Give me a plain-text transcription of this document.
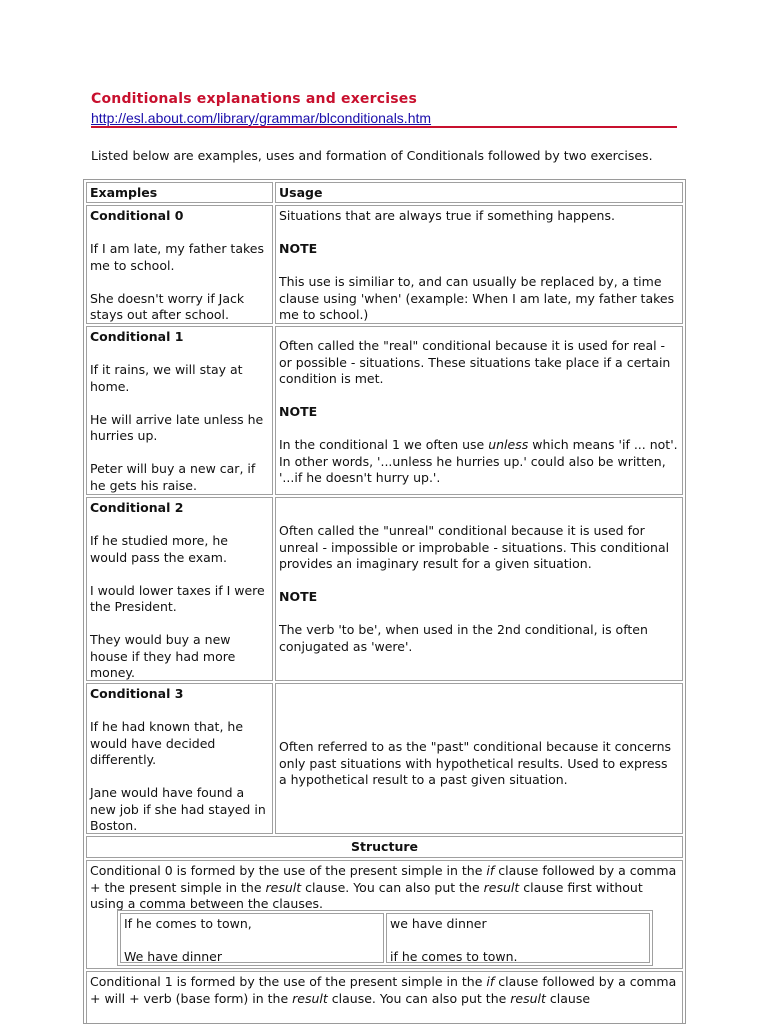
Conditionals explanations and exercises
http://esl.about.com/library/grammar/blconditionals.htm
Listed below are examples, uses and formation of Conditionals followed by two exercises.
Examples	Usage

Conditional 0

If I am late, my father takes me to school.

She doesn't worry if Jack stays out after school.

Situations that are always true if something happens.

NOTE

This use is similiar to, and can usually be replaced by, a time clause using 'when' (example: When I am late, my father takes me to school.)

Conditional 1

If it rains, we will stay at home.

He will arrive late unless he hurries up.

Peter will buy a new car, if he gets his raise.

Often called the "real" conditional because it is used for real - or possible - situations. These situations take place if a certain condition is met.

NOTE

In the conditional 1 we often use unless which means 'if ... not'. In other words, '...unless he hurries up.' could also be written, '...if he doesn't hurry up.'.

Conditional 2

If he studied more, he would pass the exam.

I would lower taxes if I were the President.

They would buy a new house if they had more money.

Often called the "unreal" conditional because it is used for unreal - impossible or improbable - situations. This conditional provides an imaginary result for a given situation.

NOTE

The verb 'to be', when used in the 2nd conditional, is often conjugated as 'were'.

Conditional 3

If he had known that, he would have decided differently.

Jane would have found a new job if she had stayed in Boston.

Often referred to as the "past" conditional because it concerns only past situations with hypothetical results. Used to express a hypothetical result to a past given situation.

Structure

Conditional 0 is formed by the use of the present simple in the if clause followed by a comma + the present simple in the result clause. You can also put the result clause first without using a comma between the clauses.

If he comes to town,

We have dinner

we have dinner

if he comes to town.

Conditional 1 is formed by the use of the present simple in the if clause followed by a comma + will + verb (base form) in the result clause. You can also put the result clause
